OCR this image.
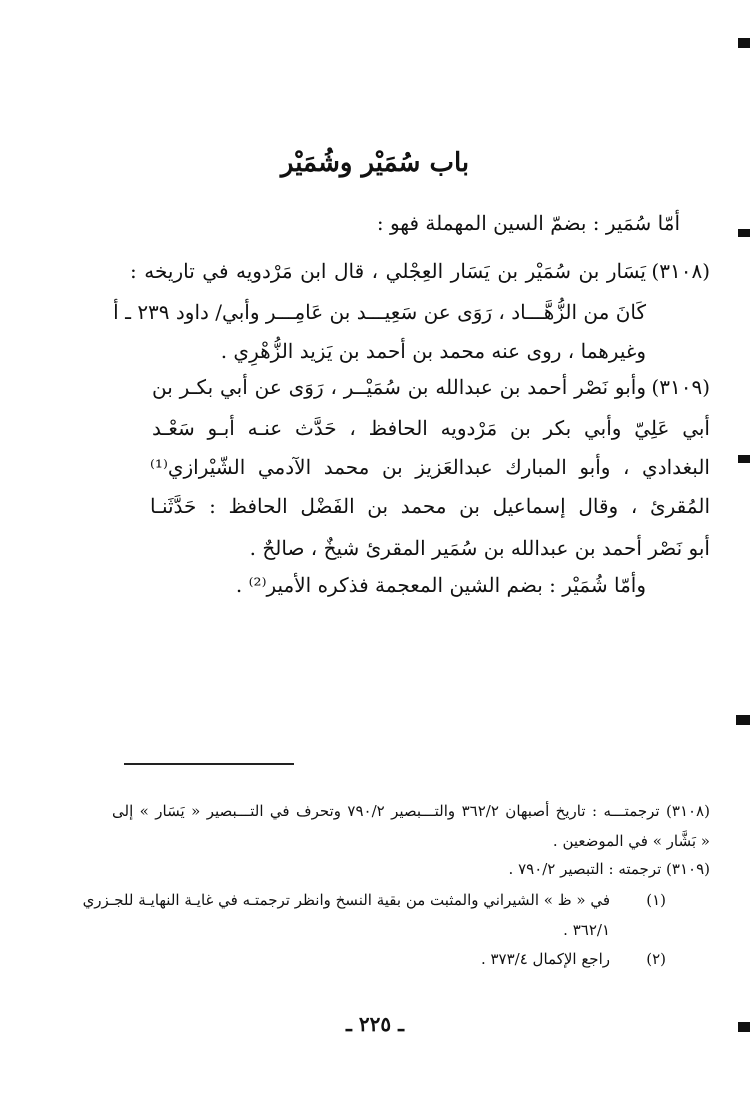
باب سُمَيْر وشُمَيْر
أمّا سُمَير : بضمّ السين المهملة فهو :
(٣١٠٨)
يَسَار بن سُمَيْر بن يَسَار العِجْلي ، قال ابن مَرْدويه في تاريخه :
كَانَ من الزُّهَّـــاد ، رَوَى عن سَعِيـــد بن عَامِـــر وأبي/ داود ٢٣٩ ـ أ
وغيرهما ، روى عنه محمد بن أحمد بن يَزيد الزُّهْرِي .
(٣١٠٩)
وأبو نَصْر أحمد بن عبدالله بن سُمَيْــر ، رَوَى عن أبي بكـر بن
أبي عَلِيّ وأبي بكر بن مَرْدويه الحافظ ، حَدَّث عنـه أبـو سَعْـد
البغدادي ، وأبو المبارك عبدالعَزيز بن محمد الآدمي الشّيْرازي⁽¹⁾
المُقرئ ، وقال إسماعيل بن محمد بن الفَضْل الحافظ : حَدَّثَنـا
أبو نَصْر أحمد بن عبدالله بن سُمَير المقرئ شيخٌ ، صالحٌ .
وأمّا شُمَيْر : بضم الشين المعجمة فذكره الأمير⁽²⁾ .
(٣١٠٨) ترجمتـــه : تاريخ أصبهان ٣٦٢/٢ والتـــبصير ٧٩٠/٢ وتحرف في التـــبصير « يَسَار » إلى
« بَشَّار » في الموضعين .
(٣١٠٩) ترجمته : التبصير ٧٩٠/٢ .
(١)
في « ظ » الشيراني والمثبت من بقية النسخ وانظر ترجمتـه في غايـة النهايـة للجـزري
٣٦٢/١ .
(٢)
راجع الإكمال ٣٧٣/٤ .
ـ ٢٢٥ ـ
